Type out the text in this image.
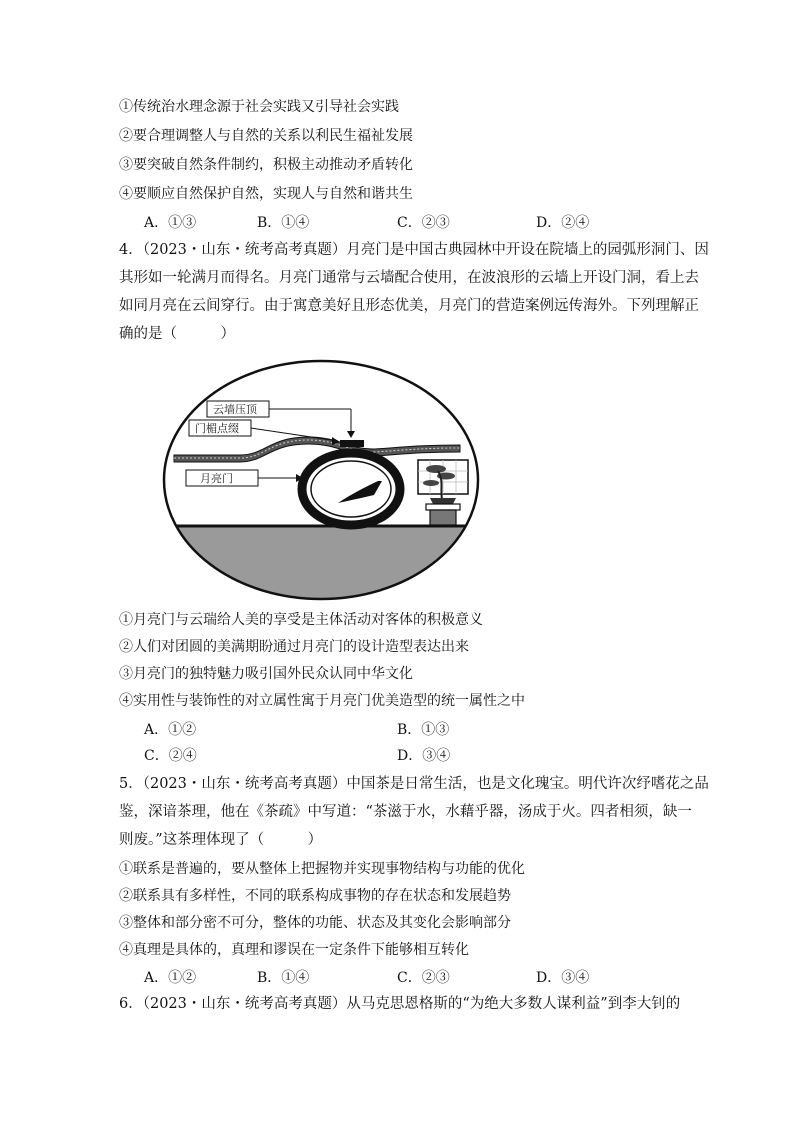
①传统治水理念源于社会实践又引导社会实践
②要合理调整人与自然的关系以利民生福祉发展
③要突破自然条件制约，积极主动推动矛盾转化
④要顺应自然保护自然，实现人与自然和谐共生
A．①③	B．①④	C．②③	D．②④
4．（2023・山东・统考高考真题）月亮门是中国古典园林中开设在院墙上的园弧形洞门、因
其形如一轮满月而得名。月亮门通常与云墙配合使用，在波浪形的云墙上开设门洞，看上去
如同月亮在云间穿行。由于寓意美好且形态优美，月亮门的营造案例远传海外。下列理解正
确的是（　　　）
云墙压顶
门楣点缀
月亮门
①月亮门与云瑞给人美的享受是主体活动对客体的积极意义
②人们对团圆的美满期盼通过月亮门的设计造型表达出来
③月亮门的独特魅力吸引国外民众认同中华文化
④实用性与装饰性的对立属性寓于月亮门优美造型的统一属性之中
A．①②	B．①③
C．②④	D．③④
5．（2023・山东・统考高考真题）中国茶是日常生活，也是文化瑰宝。明代许次纾嗜花之品
鉴，深谙茶理，他在《茶疏》中写道：“茶滋于水，水藉乎器，汤成于火。四者相须，缺一
则废。”这茶理体现了（　　　）
①联系是普遍的，要从整体上把握物并实现事物结构与功能的优化
②联系具有多样性，不同的联系构成事物的存在状态和发展趋势
③整体和部分密不可分，整体的功能、状态及其变化会影响部分
④真理是具体的，真理和谬误在一定条件下能够相互转化
A．①②	B．①④	C．②③	D．③④
6．（2023・山东・统考高考真题）从马克思恩格斯的“为绝大多数人谋利益”到李大钊的
